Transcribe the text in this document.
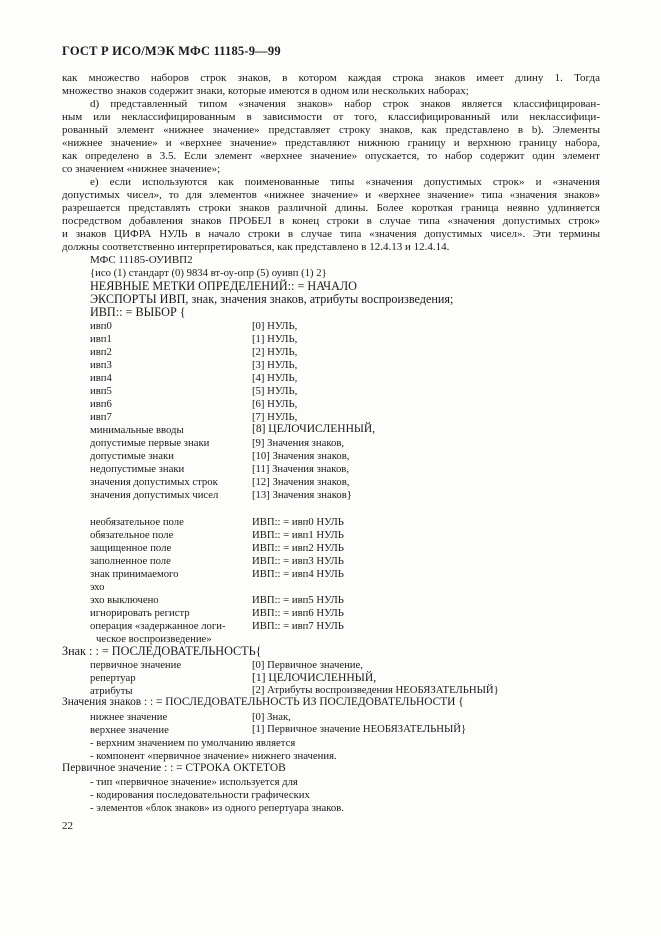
ГОСТ Р ИСО/МЭК МФС 11185-9—99
как множество наборов строк знаков, в котором каждая строка знаков имеет длину 1. Тогда
множество знаков содержит знаки, которые имеются в одном или нескольких наборах;
d) представленный типом «значения знаков» набор строк знаков является классифицирован-
ным или неклассифицированным в зависимости от того, классифицированный или неклассифици-
рованный элемент «нижнее значение» представляет строку знаков, как представлено в b). Элементы
«нижнее значение» и «верхнее значение» представляют нижнюю границу и верхнюю границу набора,
как определено в 3.5. Если элемент «верхнее значение» опускается, то набор содержит один элемент
со значением «нижнее значение»;
e) если используются как поименованные типы «значения допустимых строк» и «значения
допустимых чисел», то для элементов «нижнее значение» и «верхнее значение» типа «значения знаков»
разрешается представлять строки знаков различной длины. Более короткая граница неявно удлиняется
посредством добавления знаков ПРОБЕЛ в конец строки в случае типа «значения допустимых строк»
и знаков ЦИФРА НУЛЬ в начало строки в случае типа «значения допустимых чисел». Эти термины
должны соответственно интерпретироваться, как представлено в 12.4.13 и 12.4.14.
МФС 11185-ОУИВП2
{исо (1) стандарт (0) 9834 вт-оу-опр (5) оуивп (1) 2}
НЕЯВНЫЕ МЕТКИ ОПРЕДЕЛЕНИЙ:: = НАЧАЛО
ЭКСПОРТЫ ИВП, знак, значения знаков, атрибуты воспроизведения;
ИВП:: = ВЫБОР {
ивп0	[0] НУЛЬ,
ивп1	[1] НУЛЬ,
ивп2	[2] НУЛЬ,
ивп3	[3] НУЛЬ,
ивп4	[4] НУЛЬ,
ивп5	[5] НУЛЬ,
ивп6	[6] НУЛЬ,
ивп7	[7] НУЛЬ,
минимальные вводы	[8] ЦЕЛОЧИСЛЕННЫЙ,
допустимые первые знаки	[9] Значения знаков,
допустимые знаки	[10] Значения знаков,
недопустимые знаки	[11] Значения знаков,
значения допустимых строк	[12] Значения знаков,
значения допустимых чисел	[13] Значения знаков}
необязательное поле	ИВП:: = ивп0 НУЛЬ
обязательное поле	ИВП:: = ивп1 НУЛЬ
защищенное поле	ИВП:: = ивп2 НУЛЬ
заполненное поле	ИВП:: = ивп3 НУЛЬ
знак принимаемого	ИВП:: = ивп4 НУЛЬ
эхо
эхо выключено	ИВП:: = ивп5 НУЛЬ
игнорировать регистр	ИВП:: = ивп6 НУЛЬ
операция «задержанное логи- ИВП:: = ивп7 НУЛЬ
ческое воспроизведение»
Знак : : = ПОСЛЕДОВАТЕЛЬНОСТЬ{
первичное значение	[0] Первичное значение,
репертуар	[1] ЦЕЛОЧИСЛЕННЫЙ,
атрибуты	[2] Атрибуты воспроизведения НЕОБЯЗАТЕЛЬНЫЙ}
Значения знаков : : = ПОСЛЕДОВАТЕЛЬНОСТЬ ИЗ ПОСЛЕДОВАТЕЛЬНОСТИ {
нижнее значение	[0] Знак,
верхнее значение	[1] Первичное значение НЕОБЯЗАТЕЛЬНЫЙ}
- верхним значением по умолчанию является
- компонент «первичное значение» нижнего значения.
Первичное значение : : = СТРОКА ОКТЕТОВ
- тип «первичное значение» используется для
- кодирования последовательности графических
- элементов «блок знаков» из одного репертуара знаков.
22
